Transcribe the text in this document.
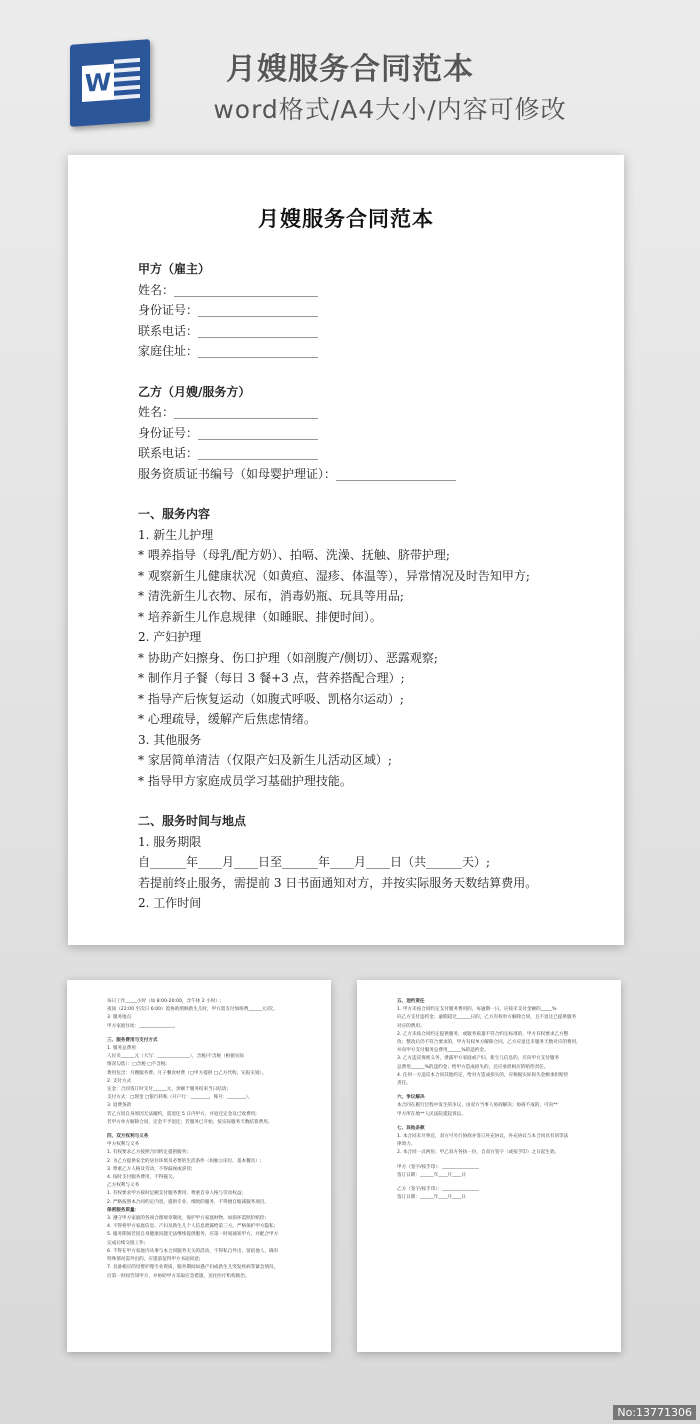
W	月嫂服务合同范本
word格式/A4大小/内容可修改
月嫂服务合同范本
甲方（雇主）
姓名：________________________
身份证号：____________________
联系电话：____________________
家庭住址：____________________
乙方（月嫂/服务方）
姓名：________________________
身份证号：____________________
联系电话：____________________
服务资质证书编号（如母婴护理证）：____________________
一、服务内容
1. 新生儿护理
* 喂养指导（母乳/配方奶）、拍嗝、洗澡、抚触、脐带护理;
* 观察新生儿健康状况（如黄疸、湿疹、体温等），异常情况及时告知甲方;
* 清洗新生儿衣物、尿布，消毒奶瓶、玩具等用品;
* 培养新生儿作息规律（如睡眠、排便时间）。
2. 产妇护理
* 协助产妇擦身、伤口护理（如剖腹产/侧切）、恶露观察;
* 制作月子餐（每日 3 餐+3 点，营养搭配合理）;
* 指导产后恢复运动（如腹式呼吸、凯格尔运动）;
* 心理疏导，缓解产后焦虑情绪。
3. 其他服务
* 家居简单清洁（仅限产妇及新生儿活动区域）;
* 指导甲方家庭成员学习基础护理技能。
二、服务时间与地点
1. 服务期限
自______年____月____日至______年____月____日（共______天）;
若提前终止服务，需提前 3 日书面通知对方，并按实际服务天数结算费用。
2. 工作时间
每日工作_____小时（如 8:00-20:00，含午休 2 小时）;
夜间（22:00 至次日 6:00）需协助照顾新生儿时，甲方需支付加班费______元/次。
3. 服务地点
甲方家庭住址：_______________。
三、服务费用与支付方式
1. 服务总费用
人民币______元（大写：______________），含税/不含税（根据实际
情况勾选）：□含税 □不含税;
费用包含：月嫂服务费、月子餐食材费（□甲方提供 □乙方代购，实报实销）。
2. 支付方式
定金：合同签订时支付______元，余额于服务结束当日结清;
支付方式：□现金 □银行转账（开户行：________，账号：________）。
3. 退费条款
若乙方因自身原因无法履约，需退还 5 日内甲方，并退还定金及已收费用;
若甲方单方解除合同，定金不予退还；若服务已开始，按实际服务天数结算费用。
四、双方权利与义务
甲方权利与义务
1. 有权要求乙方按照合同约定提供服务;
2. 为乙方提供安全的居住环境及必要的生活条件（如独立床位、基本餐具）;
3. 尊重乙方人格及劳动，不得歧视或虐待;
4. 按时支付服务费用，不得拖欠。
乙方权利与义务
1. 有权要求甲方按时足额支付服务费用，尊重自身人格与劳动权益;
2. 严格按照本合同约定内容，提供专业、细致的服务，不得擅自缩减服务项目。
保密服务质量：
3. 遵守甲方家庭的各项合理规章制度，保护甲方家庭财物，如损坏需照价赔偿;
4. 不得将甲方家庭信息、产妇及新生儿个人信息泄露给第三方，严格保护甲方隐私;
5. 服务期间若因自身健康问题无法继续提供服务，应第一时间通知甲方，并配合甲方
完成后续交接工作;
6. 不得在甲方家庭内从事与本合同服务无关的活动，不得私自外出、留宿他人，确有
特殊情况需外出的，应提前征得甲方书面同意;
7. 具备相应的母婴护理专业资质，服务期间如遇产妇或新生儿突发疾病等紧急情况，
应第一时间告知甲方，并协助甲方采取应急措施，送往医疗机构救治。
五、违约责任
1. 甲方未按合同约定支付服务费用的，每逾期一日，应按未支付金额的_____%
向乙方支付违约金；逾期超过______日的，乙方有权单方解除合同，且不退还已提供服务
对应的费用。
2. 乙方未按合同约定提供服务，或服务质量不符合约定标准的，甲方有权要求乙方整
改；整改后仍不符合要求的，甲方有权单方解除合同，乙方应退还未服务天数对应的费用，
并向甲方支付服务总费用______%的违约金。
3. 乙方违反保密义务，泄露甲方家庭或产妇、新生儿信息的，应向甲方支付服务
总费用______%的违约金；给甲方造成损失的，还应承担相应的赔偿责任。
4. 任何一方违反本合同其他约定，给对方造成损失的，应根据实际损失金额承担赔偿
责任。
六、争议解决
本合同在履行过程中发生的争议，由双方当事人协商解决；协商不成的，可向**
甲方所在地**人民法院提起诉讼。
七、其他条款
1. 本合同未尽事宜，双方可另行协商并签订补充协议，补充协议与本合同具有同等法
律效力。
2. 本合同一式两份，甲乙双方各执一份，自双方签字（或按手印）之日起生效。
甲方（签字/按手印）：________________
签订日期：______年____月____日
乙方（签字/按手印）：________________
签订日期：______年____月____日
No:13771306
